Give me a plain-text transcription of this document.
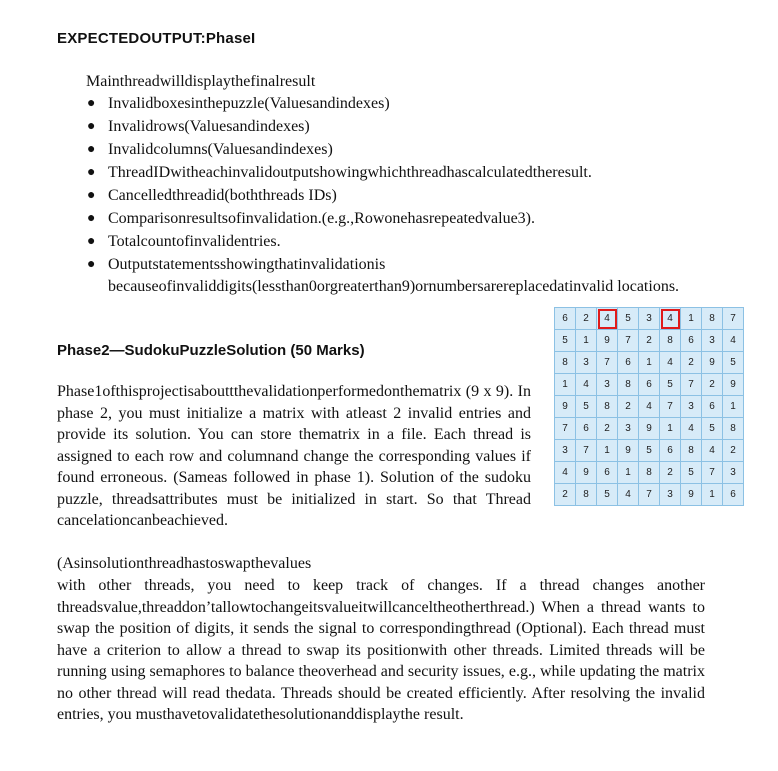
EXPECTEDOUTPUT:PhaseI
Mainthreadwilldisplaythefinalresult
● Invalidboxesinthepuzzle(Valuesandindexes)
● Invalidrows(Valuesandindexes)
● Invalidcolumns(Valuesandindexes)
● ThreadIDwitheachinvalidoutputshowingwhichthreadhascalculatedtheresult.
● Cancelledthreadid(boththreads IDs)
● Comparisonresultsofinvalidation.(e.g.,Rowonehasrepeatedvalue3).
● Totalcountofinvalidentries.
● Outputstatementsshowingthatinvalidationis becauseofinvaliddigits(lessthan0orgreaterthan9)ornumbersarereplacedatinvalid locations.
Phase2—SudokuPuzzleSolution (50 Marks)
6	2	4	5	3	4	1	8	7
5	1	9	7	2	8	6	3	4
8	3	7	6	1	4	2	9	5
1	4	3	8	6	5	7	2	9
9	5	8	2	4	7	3	6	1
7	6	2	3	9	1	4	5	8
3	7	1	9	5	6	8	4	2
4	9	6	1	8	2	5	7	3
2	8	5	4	7	3	9	1	6

Phase1ofthisprojectisabouttthevalidationperformedonthematrix (9 x 9). In phase 2, you must initialize a matrix with atleast 2 invalid entries and provide its solution. You can store thematrix in a file. Each thread is assigned to each row and columnand change the corresponding values if found erroneous. (Sameas followed in phase 1). Solution of the sudoku puzzle, threadsattributes must be initialized in start. So that Thread cancelationcanbeachieved.

(Asinsolutionthreadhastoswapthevalues

with other threads, you need to keep track of changes. If a thread changes another threadsvalue,threaddon’tallowtochangeitsvalueitwillcanceltheotherthread.) When a thread wants to swap the position of digits, it sends the signal to correspondingthread (Optional). Each thread must have a criterion to allow a thread to swap its positionwith other threads. Limited threads will be running using semaphores to balance theoverhead and security issues, e.g., while updating the matrix no other thread will read thedata. Threads should be created efficiently. After resolving the invalid entries, you musthavetovalidatethesolutionanddisplaythe result.
